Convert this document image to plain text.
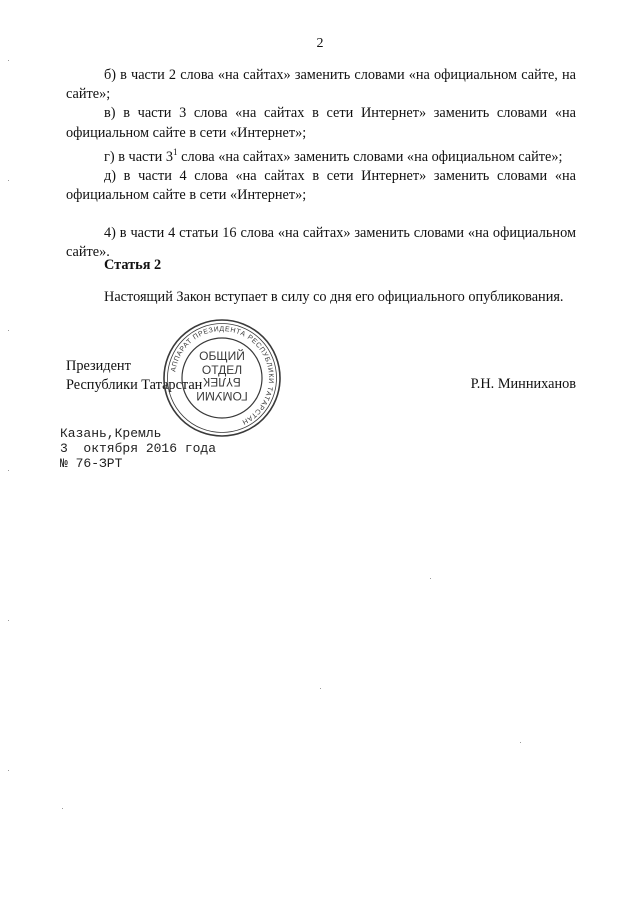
2

б) в части 2 слова «на сайтах» заменить словами «на официальном сайте, на сайте»;

в) в части 3 слова «на сайтах в сети Интернет» заменить словами «на официальном сайте в сети «Интернет»;

г) в части $3^1$ слова «на сайтах» заменить словами «на официальном сайте»;

д) в части 4 слова «на сайтах в сети Интернет» заменить словами «на официальном сайте в сети «Интернет»;

4) в части 4 статьи 16 слова «на сайтах» заменить словами «на официальном сайте».

Статья 2
Настоящий Закон вступает в силу со дня его официального опубликования.
Президент
Республики Татарстан	Р.Н. Минниханов
АППАРАТ ПРЕЗИДЕНТА РЕСПУБЛИКИ ТАТАРСТАН
ОБЩИЙ
ОТДЕЛ
БҮЛЕК
ГОМУМИ
Казань,Кремль
3  октября 2016 года
№ 76-ЗРТ
